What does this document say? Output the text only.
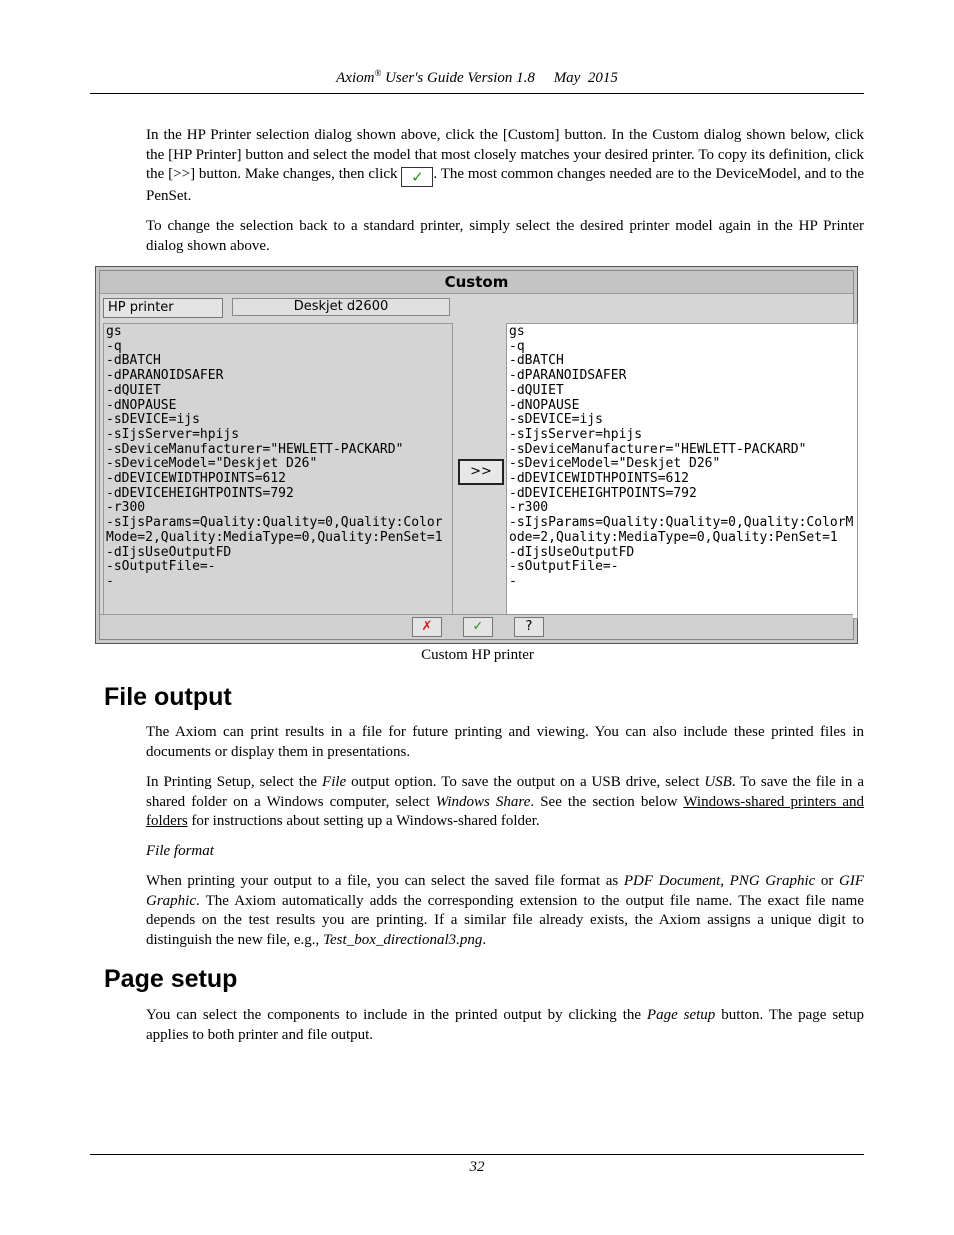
Axiom® User's Guide Version 1.8 May  2015
In the HP Printer selection dialog shown above, click the [Custom] button. In the Custom dialog shown below, click the [HP Printer] button and select the model that most closely matches your desired printer. To copy its definition, click the [>>] button. Make changes, then click ✓ . The most common changes needed are to the DeviceModel, and to the PenSet.
To change the selection back to a standard printer, simply select the desired printer model again in the HP Printer dialog shown above.
Custom
HP printer	Deskjet d2600
gs
-q
-dBATCH
-dPARANOIDSAFER
-dQUIET
-dNOPAUSE
-sDEVICE=ijs
-sIjsServer=hpijs
-sDeviceManufacturer="HEWLETT-PACKARD"
-sDeviceModel="Deskjet D26"
-dDEVICEWIDTHPOINTS=612
-dDEVICEHEIGHTPOINTS=792
-r300
-sIjsParams=Quality:Quality=0,Quality:ColorMode=2,Quality:MediaType=0,Quality:PenSet=1
-dIjsUseOutputFD
-sOutputFile=-
-
>>
gs
-q
-dBATCH
-dPARANOIDSAFER
-dQUIET
-dNOPAUSE
-sDEVICE=ijs
-sIjsServer=hpijs
-sDeviceManufacturer="HEWLETT-PACKARD"
-sDeviceModel="Deskjet D26"
-dDEVICEWIDTHPOINTS=612
-dDEVICEHEIGHTPOINTS=792
-r300
-sIjsParams=Quality:Quality=0,Quality:ColorMode=2,Quality:MediaType=0,Quality:PenSet=1
-dIjsUseOutputFD
-sOutputFile=-
-
✗	✓	?
Custom HP printer
File output
The Axiom can print results in a file for future printing and viewing. You can also include these printed files in documents or display them in presentations.
In Printing Setup, select the File output option. To save the output on a USB drive, select USB. To save the file in a shared folder on a Windows computer, select Windows Share. See the section below Windows-shared printers and folders for instructions about setting up a Windows-shared folder.
File format
When printing your output to a file, you can select the saved file format as PDF Document, PNG Graphic or GIF Graphic. The Axiom automatically adds the corresponding extension to the output file name. The exact file name depends on the test results you are printing. If a similar file already exists, the Axiom assigns a unique digit to distinguish the new file, e.g., Test_box_directional3.png.
Page setup
You can select the components to include in the printed output by clicking the Page setup button. The page setup applies to both printer and file output.
32
